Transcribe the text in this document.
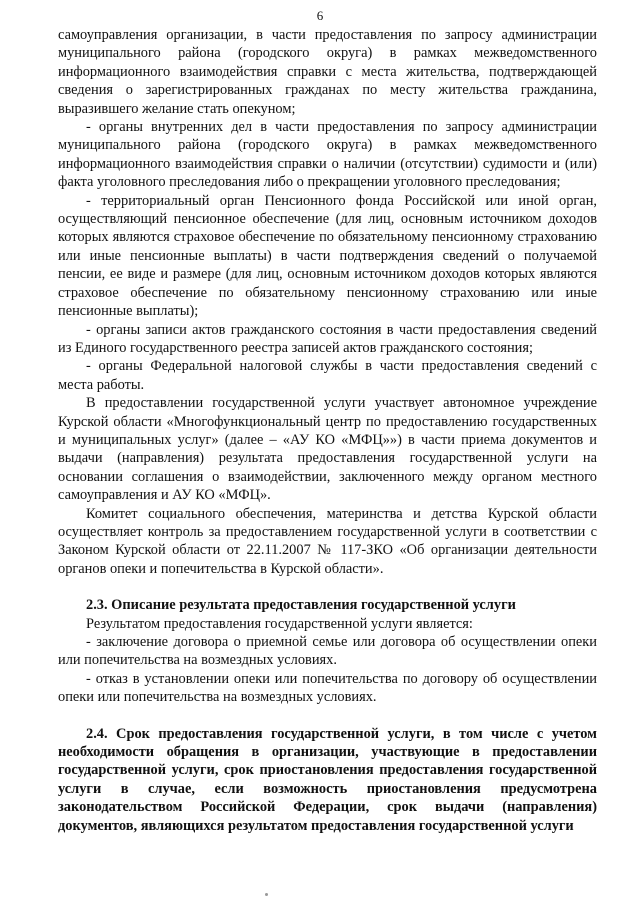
6

самоуправления организации, в части предоставления по запросу администрации муниципального района (городского округа) в рамках межведомственного информационного взаимодействия справки с места жительства, подтверждающей сведения о зарегистрированных гражданах по месту жительства гражданина, выразившего желание стать опекуном;

- органы внутренних дел в части предоставления по запросу администрации муниципального района (городского округа) в рамках межведомственного информационного взаимодействия справки о наличии (отсутствии) судимости и (или) факта уголовного преследования либо о прекращении уголовного преследования;

- территориальный орган Пенсионного фонда Российской или иной орган, осуществляющий пенсионное обеспечение (для лиц, основным источником доходов которых являются страховое обеспечение по обязательному пенсионному страхованию или иные пенсионные выплаты) в части подтверждения сведений о получаемой пенсии, ее виде и размере (для лиц, основным источником доходов которых являются страховое обеспечение по обязательному пенсионному страхованию или иные пенсионные выплаты);

- органы записи актов гражданского состояния в части предоставления сведений из Единого государственного реестра записей актов гражданского состояния;

- органы Федеральной налоговой службы в части предоставления сведений с места работы.

В предоставлении государственной услуги участвует автономное учреждение Курской области «Многофункциональный центр по предоставлению государственных и муниципальных услуг» (далее – «АУ КО «МФЦ»») в части приема документов и выдачи (направления) результата предоставления государственной услуги на основании соглашения о взаимодействии, заключенного между органом местного самоуправления и АУ КО «МФЦ».

Комитет социального обеспечения, материнства и детства Курской области осуществляет контроль за предоставлением государственной услуги в соответствии с Законом Курской области от 22.11.2007 № 117-ЗКО «Об организации деятельности органов опеки и попечительства в Курской области».

2.3. Описание результата предоставления государственной услуги

Результатом предоставления государственной услуги является:

- заключение договора о приемной семье или договора об осуществлении опеки или попечительства на возмездных условиях.

- отказ в установлении опеки или попечительства по договору об осуществлении опеки или попечительства на возмездных условиях.

2.4. Срок предоставления государственной услуги, в том числе с учетом необходимости обращения в организации, участвующие в предоставлении государственной услуги, срок приостановления предоставления государственной услуги в случае, если возможность приостановления предусмотрена законодательством Российской Федерации, срок выдачи (направления) документов, являющихся результатом предоставления государственной услуги
